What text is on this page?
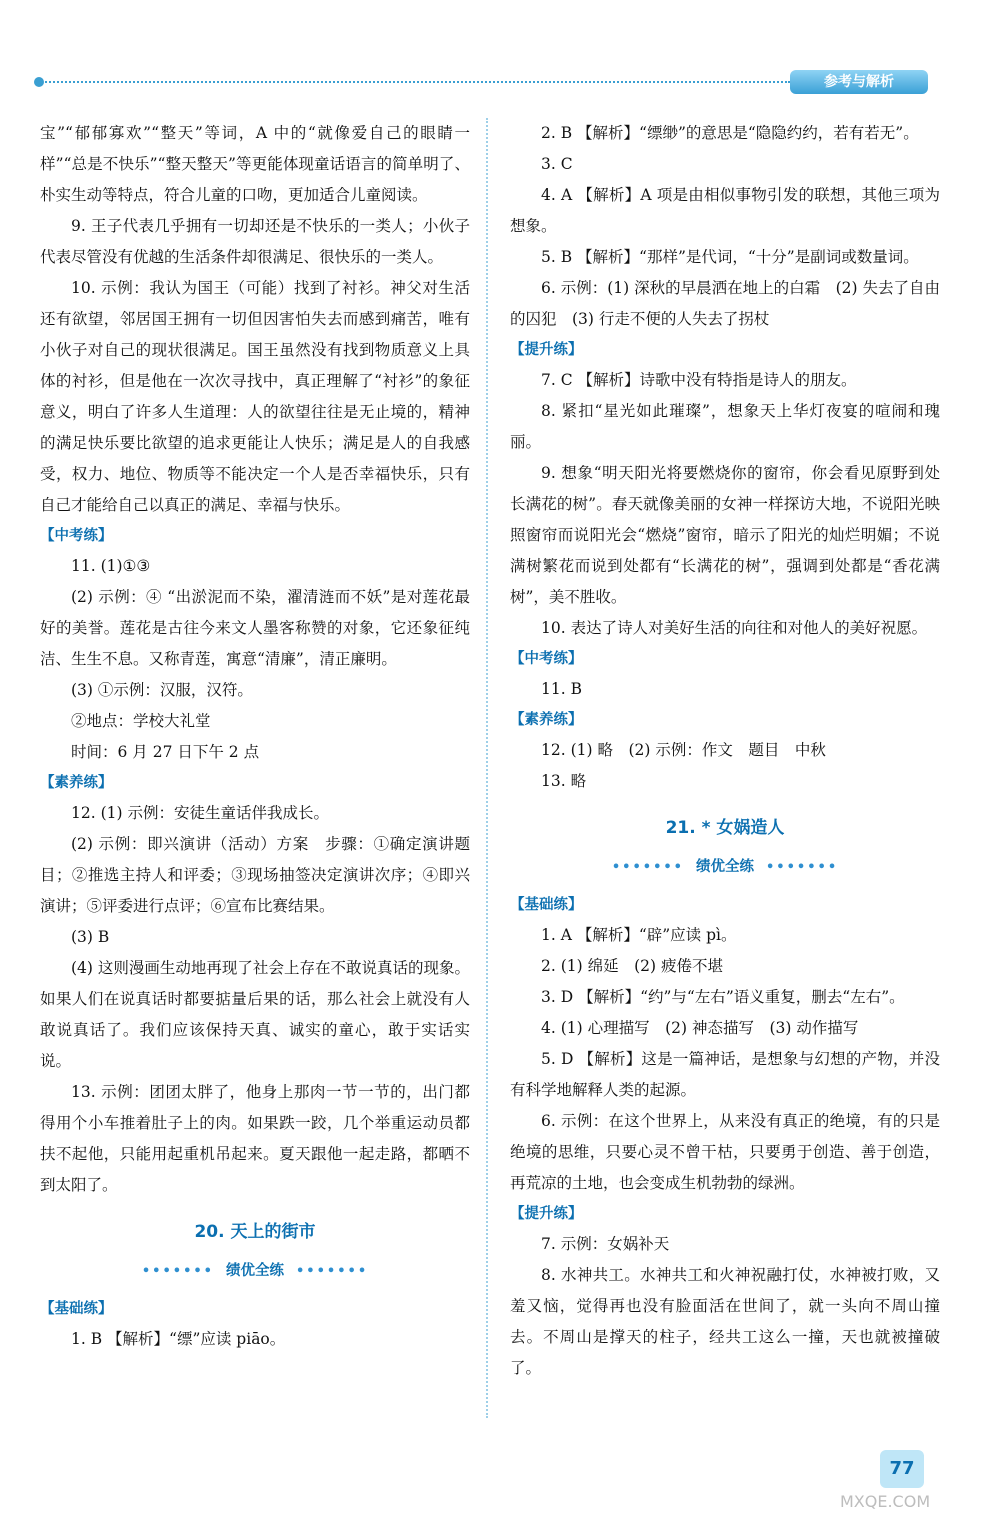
参考与解析

宝”“郁郁寡欢”“整天”等词，A 中的“就像爱自己的眼睛一样”“总是不快乐”“整天整天”等更能体现童话语言的简单明了、朴实生动等特点，符合儿童的口吻，更加适合儿童阅读。

9. 王子代表几乎拥有一切却还是不快乐的一类人；小伙子代表尽管没有优越的生活条件却很满足、很快乐的一类人。

10. 示例：我认为国王（可能）找到了衬衫。神父对生活还有欲望，邻居国王拥有一切但因害怕失去而感到痛苦，唯有小伙子对自己的现状很满足。国王虽然没有找到物质意义上具体的衬衫，但是他在一次次寻找中，真正理解了“衬衫”的象征意义，明白了许多人生道理：人的欲望往往是无止境的，精神的满足快乐要比欲望的追求更能让人快乐；满足是人的自我感受，权力、地位、物质等不能决定一个人是否幸福快乐，只有自己才能给自己以真正的满足、幸福与快乐。

【中考练】

11. (1)①③

(2) 示例：④ “出淤泥而不染，濯清涟而不妖”是对莲花最好的美誉。莲花是古往今来文人墨客称赞的对象，它还象征纯洁、生生不息。又称青莲，寓意“清廉”，清正廉明。

(3) ①示例：汉服，汉符。

②地点：学校大礼堂

时间：6 月 27 日下午 2 点

【素养练】

12. (1) 示例：安徒生童话伴我成长。

(2) 示例：即兴演讲（活动）方案　步骤：①确定演讲题目；②推选主持人和评委；③现场抽签决定演讲次序；④即兴演讲；⑤评委进行点评；⑥宣布比赛结果。

(3) B

(4) 这则漫画生动地再现了社会上存在不敢说真话的现象。如果人们在说真话时都要掂量后果的话，那么社会上就没有人敢说真话了。我们应该保持天真、诚实的童心，敢于实话实说。

13. 示例：团团太胖了，他身上那肉一节一节的，出门都得用个小车推着肚子上的肉。如果跌一跤，几个举重运动员都扶不起他，只能用起重机吊起来。夏天跟他一起走路，都晒不到太阳了。

20. 天上的街市
••••••• 绩优全练 •••••••

【基础练】

1. B 【解析】“缥”应读 piāo。

2. B 【解析】“缥缈”的意思是“隐隐约约，若有若无”。

3. C

4. A 【解析】A 项是由相似事物引发的联想，其他三项为想象。

5. B 【解析】“那样”是代词，“十分”是副词或数量词。

6. 示例：(1) 深秋的早晨洒在地上的白霜　(2) 失去了自由的囚犯　(3) 行走不便的人失去了拐杖

【提升练】

7. C 【解析】诗歌中没有特指是诗人的朋友。

8. 紧扣“星光如此璀璨”，想象天上华灯夜宴的喧闹和瑰丽。

9. 想象“明天阳光将要燃烧你的窗帘，你会看见原野到处长满花的树”。春天就像美丽的女神一样探访大地，不说阳光映照窗帘而说阳光会“燃烧”窗帘，暗示了阳光的灿烂明媚；不说满树繁花而说到处都有“长满花的树”，强调到处都是“香花满树”，美不胜收。

10. 表达了诗人对美好生活的向往和对他人的美好祝愿。

【中考练】

11. B

【素养练】

12. (1) 略　(2) 示例：作文　题目　中秋

13. 略

21. * 女娲造人
••••••• 绩优全练 •••••••

【基础练】

1. A 【解析】“辟”应读 pì。

2. (1) 绵延　(2) 疲倦不堪

3. D 【解析】“约”与“左右”语义重复，删去“左右”。

4. (1) 心理描写　(2) 神态描写　(3) 动作描写

5. D 【解析】这是一篇神话，是想象与幻想的产物，并没有科学地解释人类的起源。

6. 示例：在这个世界上，从来没有真正的绝境，有的只是绝境的思维，只要心灵不曾干枯，只要勇于创造、善于创造，再荒凉的土地，也会变成生机勃勃的绿洲。

【提升练】

7. 示例：女娲补天

8. 水神共工。水神共工和火神祝融打仗，水神被打败，又羞又恼，觉得再也没有脸面活在世间了，就一头向不周山撞去。不周山是撑天的柱子，经共工这么一撞，天也就被撞破了。

77
MXQE.COM
